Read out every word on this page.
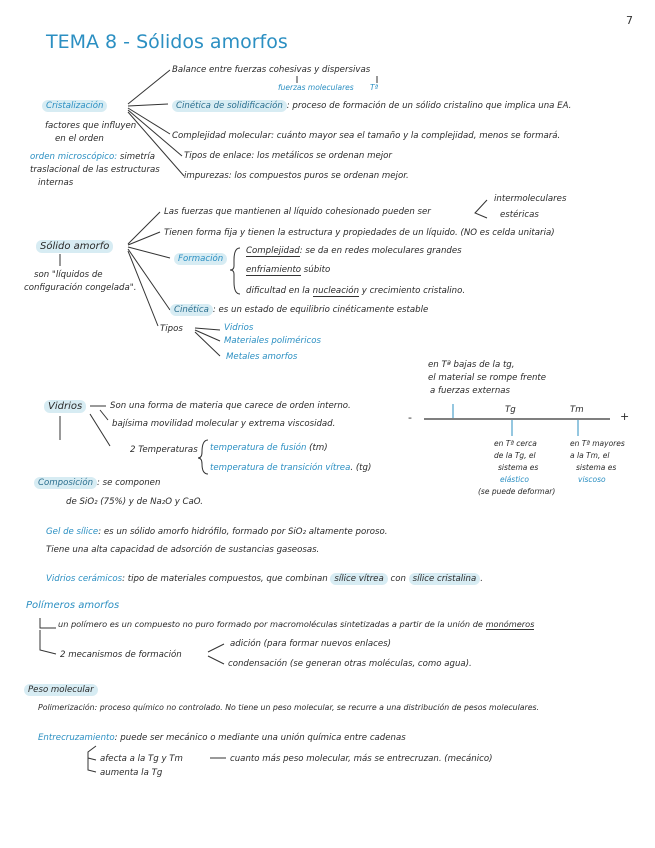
7
TEMA 8 - Sólidos amorfos
Cristalización
factores que influyen
en el orden
orden microscópico: simetría
traslacional de las estructuras
internas
Balance entre fuerzas cohesivas y dispersivas
fuerzas moleculares Tª
Cinética de solidificación : proceso de formación de un sólido cristalino que implica una EA.
Complejidad molecular: cuánto mayor sea el tamaño y la complejidad, menos se formará.
Tipos de enlace: los metálicos se ordenan mejor
impurezas: los compuestos puros se ordenan mejor.
Sólido amorfo
son "líquidos de
configuración congelada".
Las fuerzas que mantienen al líquido cohesionado pueden ser
intermoleculares
estéricas
Tienen forma fija y tienen la estructura y propiedades de un líquido. (NO es celda unitaria)
Formación
Complejidad: se da en redes moleculares grandes
enfriamiento súbito
dificultad en la nucleación y crecimiento cristalino.
Cinética : es un estado de equilibrio cinéticamente estable
Tipos	Vidrios
Materiales poliméricos
Metales amorfos
Vidrios	Son una forma de materia que carece de orden interno.
bajísima movilidad molecular y extrema viscosidad.
2 Temperaturas temperatura de fusión (tm)
temperatura de transición vítrea. (tg)
Composición : se componen
de SiO₂ (75%) y de Na₂O y CaO.
en Tª bajas de la tg,
el material se rompe frente
a fuerzas externas
-	+
Tg	Tm
en Tª cerca
de la Tg, el
sistema es
elástico
(se puede deformar)
en Tª mayores
a la Tm, el
sistema es
viscoso
Gel de sílice: es un sólido amorfo hidrófilo, formado por SiO₂ altamente poroso.
Tiene una alta capacidad de adsorción de sustancias gaseosas.
Vidrios cerámicos: tipo de materiales compuestos, que combinan sílice vítrea con sílice cristalina .
Polímeros amorfos
un polímero es un compuesto no puro formado por macromoléculas sintetizadas a partir de la unión de monómeros
2 mecanismos de formación
adición (para formar nuevos enlaces)
condensación (se generan otras moléculas, como agua).
Peso molecular
Polimerización: proceso químico no controlado. No tiene un peso molecular, se recurre a una distribución de pesos moleculares.
Entrecruzamiento: puede ser mecánico o mediante una unión química entre cadenas
afecta a la Tg y Tm	cuanto más peso molecular, más se entrecruzan. (mecánico)
aumenta la Tg
